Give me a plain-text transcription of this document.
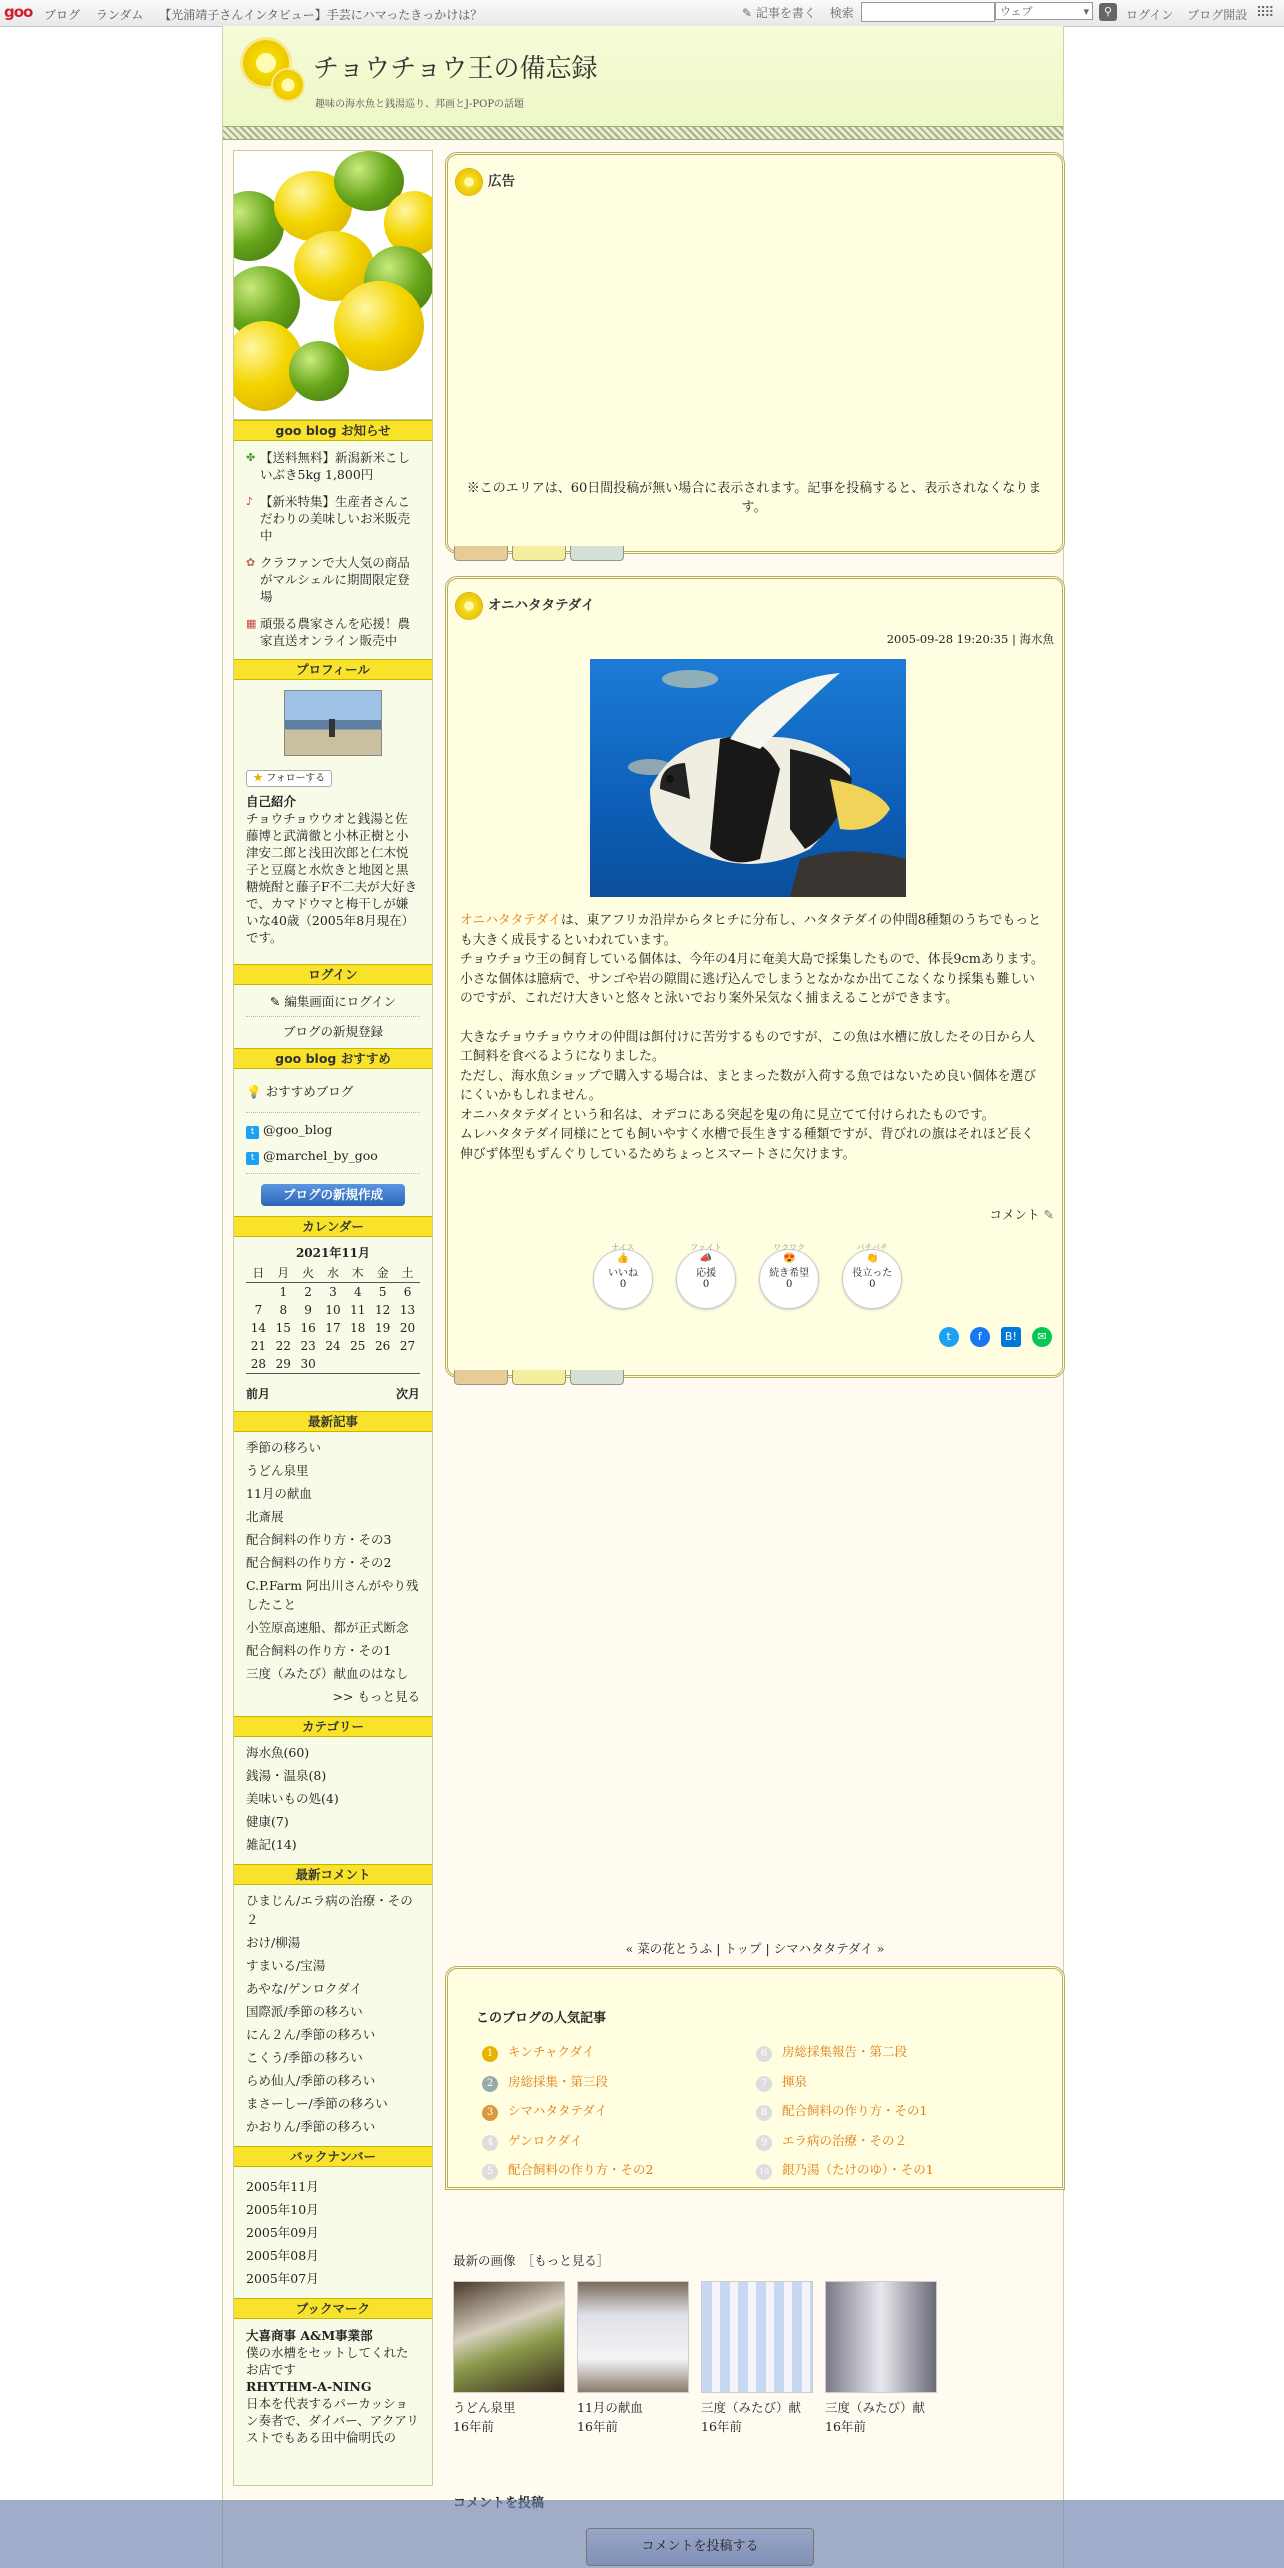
goo ブログ ランダム 【光浦靖子さんインタビュー】手芸にハマったきっかけは？	✎ 記事を書く 検索	ウェブ	▾	⚲	ログイン ブログ開設 ⠿⠿
チョウチョウ王の備忘録
趣味の海水魚と銭湯巡り、邦画とJ-POPの話題
goo blog お知らせ
✤ 【送料無料】新潟新米こしいぶき5kg 1,800円
♪ 【新米特集】生産者さんこだわりの美味しいお米販売中
✿ クラファンで大人気の商品がマルシェルに期間限定登場
▦ 頑張る農家さんを応援！農家直送オンライン販売中
プロフィール
★ フォローする
自己紹介
チョウチョウウオと銭湯と佐藤博と武満徹と小林正樹と小津安二郎と浅田次郎と仁木悦子と豆腐と水炊きと地図と黒糖焼酎と藤子F不二夫が大好きで、カマドウマと梅干しが嫌いな40歳（2005年8月現在）です。
ログイン
✎ 編集画面にログイン
ブログの新規登録
goo blog おすすめ
💡 おすすめブログ
t @goo_blog
t @marchel_by_goo
ブログの新規作成
カレンダー
2021年11月
日	月	火	水	木	金	土
	1	2	3	4	5	6
7	8	9	10	11	12	13
14	15	16	17	18	19	20
21	22	23	24	25	26	27
28	29	30				
前月	次月
最新記事
季節の移ろい
うどん泉里
11月の献血
北斎展
配合飼料の作り方・その3
配合飼料の作り方・その2
C.P.Farm 阿出川さんがやり残したこと
小笠原高速船、都が正式断念
配合飼料の作り方・その1
三度（みたび）献血のはなし
>> もっと見る
カテゴリー
海水魚(60)
銭湯・温泉(8)
美味いもの処(4)
健康(7)
雑記(14)
最新コメント
ひまじん/エラ病の治療・その２
おけ/柳湯
すまいる/宝湯
あやな/ゲンロクダイ
国際派/季節の移ろい
にん２ん/季節の移ろい
こくう/季節の移ろい
らめ仙人/季節の移ろい
まさーしー/季節の移ろい
かおりん/季節の移ろい
バックナンバー
2005年11月
2005年10月
2005年09月
2005年08月
2005年07月
ブックマーク
大喜商事 A&M事業部
僕の水槽をセットしてくれたお店です
RHYTHM-A-NING
日本を代表するパーカッション奏者で、ダイバー、アクアリストでもある田中倫明氏の
広告
※このエリアは、60日間投稿が無い場合に表示されます。記事を投稿すると、表示されなくなります。
オニハタタテダイ
2005-09-28 19:20:35 | 海水魚

オニハタタテダイは、東アフリカ沿岸からタヒチに分布し、ハタタテダイの仲間8種類のうちでもっとも大きく成長するといわれています。

チョウチョウ王の飼育している個体は、今年の4月に奄美大島で採集したもので、体長9cmあります。

小さな個体は臆病で、サンゴや岩の隙間に逃げ込んでしまうとなかなか出てこなくなり採集も難しいのですが、これだけ大きいと悠々と泳いでおり案外呆気なく捕まえることができます。

大きなチョウチョウウオの仲間は餌付けに苦労するものですが、この魚は水槽に放したその日から人工飼料を食べるようになりました。

ただし、海水魚ショップで購入する場合は、まとまった数が入荷する魚ではないため良い個体を選びにくいかもしれません。

オニハタタテダイという和名は、オデコにある突起を鬼の角に見立てて付けられたものです。

ムレハタタテダイ同様にとても飼いやすく水槽で長生きする種類ですが、背びれの旗はそれほど長く伸びず体型もずんぐりしているためちょっとスマートさに欠けます。

コメント ✎
ナイス
👍
いいね
0

ファイト
📣
応援
0

ワクワク
😍
続き希望
0

パチパチ
👏
役立った
0
t f B! ✉
« 菜の花とうふ | トップ | シマハタタテダイ »
このブログの人気記事
1 キンチャクダイ
2 房総採集・第三段
3 シマハタタテダイ
4 ゲンロクダイ
5 配合飼料の作り方・その2
6 房総採集報告・第二段
7 揮泉
8 配合飼料の作り方・その1
9 エラ病の治療・その２
10 銀乃湯（たけのゆ）・その1
最新の画像　 ［もっと見る］
うどん泉里
16年前
11月の献血
16年前
三度（みたび）献
16年前
三度（みたび）献
16年前
コメントを投稿する
